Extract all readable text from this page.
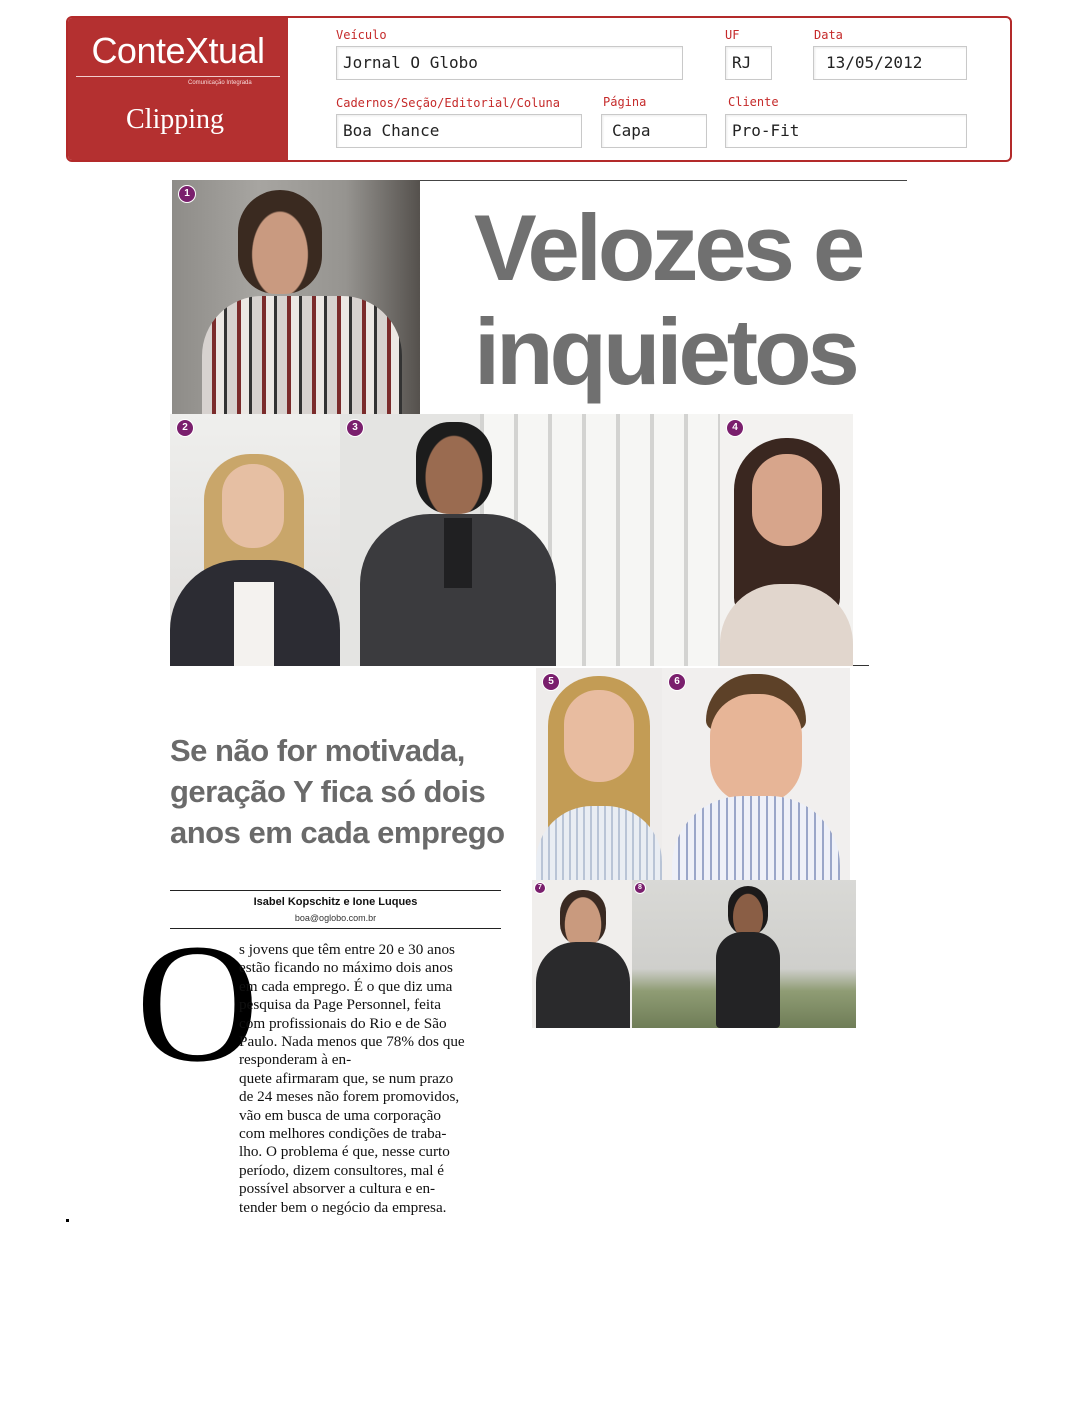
ConteXtual
Comunicação Integrada
Clipping
Veículo
Jornal O Globo
UF
RJ
Data
13/05/2012
Cadernos/Seção/Editorial/Coluna
Boa Chance
Página
Capa
Cliente
Pro-Fit
1
Velozes e
inquietos
2	3	4
Se não for motivada,
geração Y fica só dois
anos em cada emprego
5	6
7	8
Isabel Kopschitz e Ione Luques
boa@oglobo.com.br
O
s jovens que têm entre 20 e 30 anos
estão ficando no máximo dois anos
em cada emprego. É o que diz uma
pesquisa da Page Personnel, feita
com profissionais do Rio e de São
Paulo. Nada menos que 78% dos que
responderam à en-
quete afirmaram que, se num prazo
de 24 meses não forem promovidos,
vão em busca de uma corporação
com melhores condições de traba-
lho. O problema é que, nesse curto
período, dizem consultores, mal é
possível absorver a cultura e en-
tender bem o negócio da empresa.
